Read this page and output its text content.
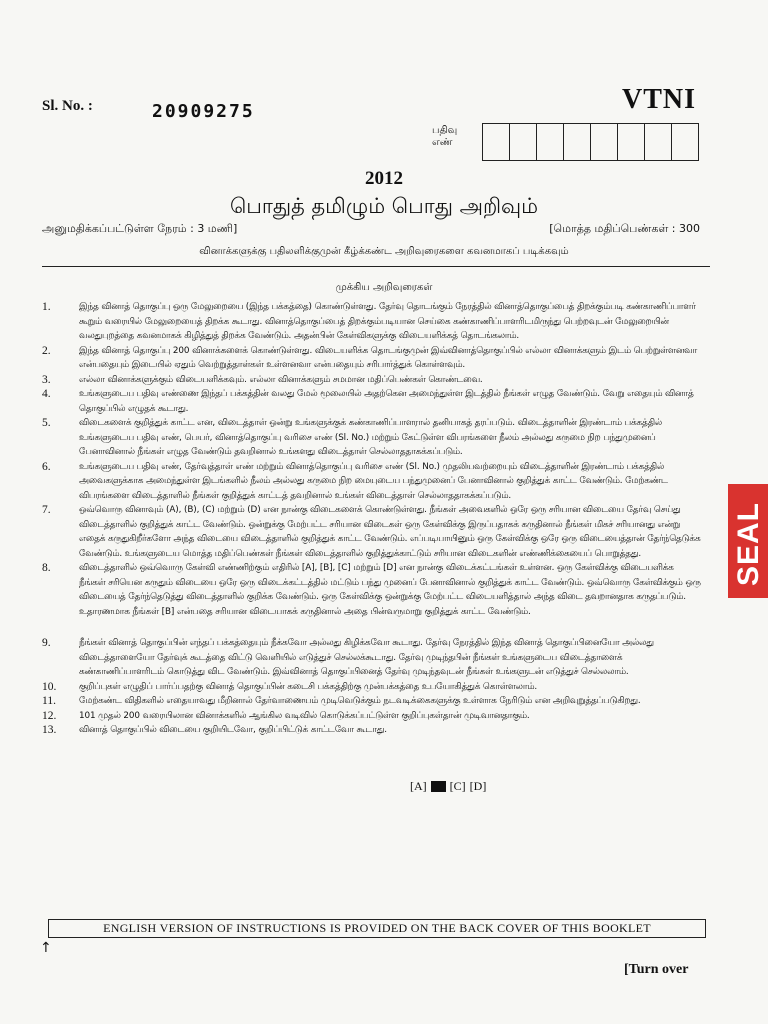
Sl. No. :	20909275	VTNI
பதிவு
எண்
2012
பொதுத் தமிழும் பொது அறிவும்
அனுமதிக்கப்பட்டுள்ள நேரம் : 3 மணி]	[மொத்த மதிப்பெண்கள் : 300
வினாக்களுக்கு பதிலளிக்குமுன் கீழ்க்கண்ட அறிவுரைகளை கவனமாகப் படிக்கவும்
முக்கிய அறிவுரைகள்
1.	இந்த வினாத் தொகுப்பு ஒரு மேலுறையை (இந்த பக்கத்தை) கொண்டுள்ளது. தேர்வு தொடங்கும் நேரத்தில் வினாத்தொகுப்பைத் திறக்கும்படி கண்காணிப்பாளர் கூறும் வரையில் மேலுறையைத் திறக்க கூடாது. வினாத்தொகுப்பைத் திறக்கும்படியான செய்கை கண்காணிப்பாளரிடமிருந்து பெற்றவுடன் மேலுறையின் வலதுபுறத்தை கவனமாகக் கிழித்துத் திறக்க வேண்டும். அதன்பின் கேள்விகளுக்கு விடையளிக்கத் தொடங்கலாம்.
2.	இந்த வினாத் தொகுப்பு 200 வினாக்களைக் கொண்டுள்ளது. விடையளிக்க தொடங்குமுன் இவ்வினாத்தொகுப்பில் எல்லா வினாக்களும் இடம் பெற்றுள்ளனவா என்பதையும் இடையில் ஏதும் வெற்றுத்தாள்கள் உள்ளனவா என்பதையும் சரிபார்த்துக் கொள்ளவும்.
3.	எல்லா வினாக்களுக்கும் விடையளிக்கவும். எல்லா வினாக்களும் சமமான மதிப்பெண்கள் கொண்டவை.
4.	உங்களுடைய பதிவு எண்ணை இந்தப் பக்கத்தின் வலது மேல் மூலையில் அதற்கென அமைந்துள்ள இடத்தில் நீங்கள் எழுத வேண்டும். வேறு எதையும் வினாத் தொகுப்பில் எழுதக் கூடாது.
5.	விடைகளைக் குறித்துக் காட்ட என, விடைத்தாள் ஒன்று உங்களுக்குக் கண்காணிப்பாளரால் தனியாகத் தரப்படும். விடைத்தாளின் இரண்டாம் பக்கத்தில் உங்களுடைய பதிவு எண், பெயர், வினாத்தொகுப்பு வரிசை எண் (Sl. No.) மற்றும் கேட்டுள்ள விபரங்களை நீலம் அல்லது கருமை நிற பந்துமுனைப் பேனாவினால் நீங்கள் எழுத வேண்டும் தவறினால் உங்களது விடைத்தாள் செல்லாததாகக்கப்படும்.
6.	உங்களுடைய பதிவு எண், தேர்வுத்தாள் எண் மற்றும் வினாத்தொகுப்பு வரிசை எண் (Sl. No.) முதலியவற்றையும் விடைத்தாளின் இரண்டாம் பக்கத்தில் அவைகளுக்காக அமைந்துள்ள இடங்களில் நீலம் அல்லது கருமை நிற மையுடைய பந்துமுனைப் பேனாவினால் குறித்துக் காட்ட வேண்டும். மேற்கண்ட விபரங்களை விடைத்தாளில் நீங்கள் குறித்துக் காட்டத் தவறினால் உங்கள் விடைத்தாள் செல்லாததாகக்கப்படும்.
7.	ஒவ்வொரு வினாவும் (A), (B), (C) மற்றும் (D) என நான்கு விடைகளைக் கொண்டுள்ளது. நீங்கள் அவைகளில் ஒரே ஒரு சரியான விடையை தேர்வு செய்து விடைத்தாளில் குறித்துக் காட்ட வேண்டும். ஒன்றுக்கு மேற்பட்ட சரியான விடைகள் ஒரு கேள்விக்கு இருப்பதாகக் கருதினால் நீங்கள் மிகச் சரியானது என்று எதைக் கருதுகிறீர்களோ அந்த விடையை விடைத்தாளில் குறித்துக் காட்ட வேண்டும். எப்படியாயினும் ஒரு கேள்விக்கு ஒரே ஒரு விடையைத்தான் தேர்ந்தெடுக்க வேண்டும். உங்களுடைய மொத்த மதிப்பெண்கள் நீங்கள் விடைத்தாளில் குறித்துக்காட்டும் சரியான விடைகளின் எண்ணிக்கையைப் பொறுத்தது.
8.	விடைத்தாளில் ஒவ்வொரு கேள்வி எண்ணிற்கும் எதிரில் [A], [B], [C] மற்றும் [D] என நான்கு விடைக்கட்டங்கள் உள்ளன. ஒரு கேள்விக்கு விடையளிக்க நீங்கள் சரியென கருதும் விடையை ஒரே ஒரு விடைக்கட்டத்தில் மட்டும் பந்து முனைப் பேனாவினால் குறித்துக் காட்ட வேண்டும். ஒவ்வொரு கேள்விக்கும் ஒரு விடையைத் தேர்ந்தெடுத்து விடைத்தாளில் குறிக்க வேண்டும். ஒரு கேள்விக்கு ஒன்றுக்கு மேற்பட்ட விடையளித்தால் அந்த விடை தவறானதாக கருதப்படும். உதாரணமாக நீங்கள் [B] என்பதை சரியான விடையாகக் கருதினால் அதை பின்வருமாறு குறித்துக் காட்ட வேண்டும்.
9.	நீங்கள் வினாத் தொகுப்பின் எந்தப் பக்கத்தையும் நீக்கவோ அல்லது கிழிக்கவோ கூடாது. தேர்வு நேரத்தில் இந்த வினாத் தொகுப்பினையோ அல்லது விடைத்தாளையோ தேர்வுக் கூடத்தை விட்டு வெளியில் எடுத்துச் செல்லக்கூடாது. தேர்வு முடிந்தபின் நீங்கள் உங்களுடைய விடைத்தாளைக் கண்காணிப்பாளரிடம் கொடுத்து விட வேண்டும். இவ்வினாத் தொகுப்பினைத் தேர்வு முடிந்தவுடன் நீங்கள் உங்களுடன் எடுத்துச் செல்லலாம்.
10.	குறிப்புகள் எழுதிப் பார்ப்பதற்கு வினாத் தொகுப்பின் கடைசி பக்கத்திற்கு முன்பக்கத்தை உபயோகித்துக் கொள்ளலாம்.
11.	மேற்கண்ட விதிகளில் எதையாவது மீறினால் தேர்வாணையம் முடிவெடுக்கும் நடவடிக்கைகளுக்கு உள்ளாக நேரிடும் என அறிவுறுத்தப்படுகிறது.
12.	101 முதல் 200 வரையிலான வினாக்களில் ஆங்கில வடிவில் கொடுக்கப்பட்டுள்ள குறிப்புகள்தான் முடிவானதாகும்.
13.	வினாத் தொகுப்பில் விடையை குறியிடவோ, குறிப்பிட்டுக் காட்டவோ கூடாது.
[A] [C] [D]
ENGLISH VERSION OF INSTRUCTIONS IS PROVIDED ON THE BACK COVER OF THIS BOOKLET
↑
[Turn over
SEAL
